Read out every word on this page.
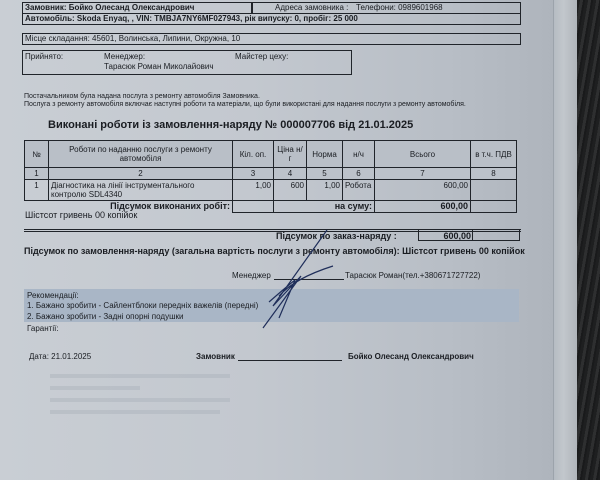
Замовник: Бойко Олесанд Олександрович	Адреса замовника : Телефони: 0989601968
Автомобіль: Skoda Enyaq, , VIN: TMBJA7NY6MF027943, рік випуску: 0, пробіг: 25 000
Місце складання: 45601, Волинська, Липини, Окружна, 10
Прийнято:	Менеджер:
Тарасюк Роман Миколайович
Майстер цеху:
Постачальником була надана послуга з ремонту автомобіля Замовника.
Послуга з ремонту автомобіля включає наступні роботи та матеріали, що були використані для надання послуги з ремонту автомобіля.
Виконані роботи із замовлення-наряду № 000007706 від 21.01.2025
№	Роботи по наданню послуги з ремонту автомобіля	Кіл. оп.	Ціна н/г	Норма	н/ч	Всього	в т.ч. ПДВ
1	2	3	4	5	6	7	8
1	Діагностика на лінії інструментального контролю SDL4340	1,00	600	1,00	Робота	600,00	
Підсумок виконаних робіт:			на суму:			600,00	
Шістсот гривень 00 копійок
Підсумок по заказ-наряду :	600,00
Підсумок по замовлення-наряду (загальна вартість послуги з ремонту автомобіля): Шістсот гривень 00 копійок
Менеджер	Тарасюк Роман(тел.+380671727722)
Рекомендації:
1. Бажано зробити - Сайлентблоки передніх важелів (передні)
2. Бажано зробити - Задні опорні подушки
Гарантії:
Дата: 21.01.2025	Замовник	Бойко Олесанд Олександрович
